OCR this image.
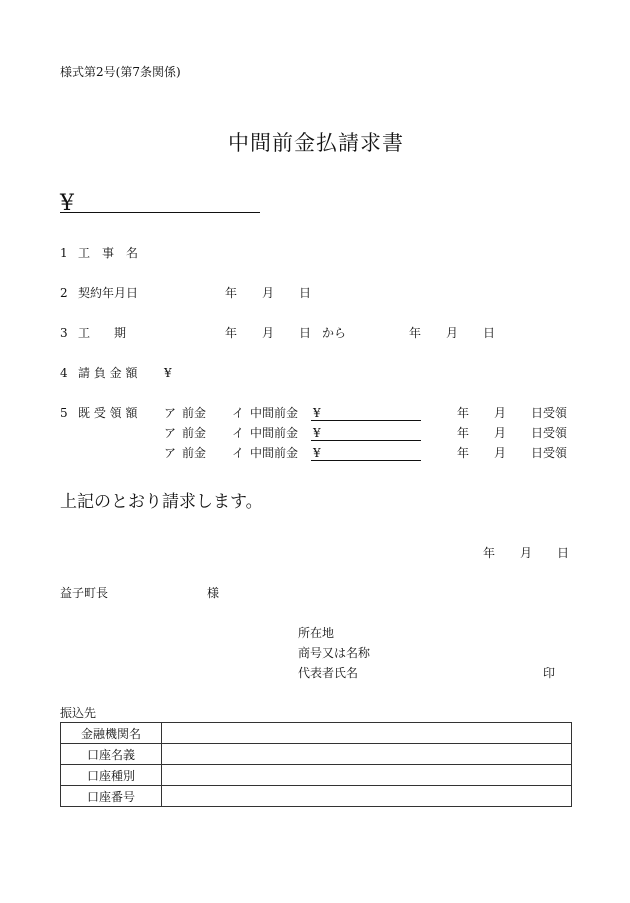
様式第2号(第7条関係)
中間前金払請求書
¥
1 工　事　名
2 契約年月日	年 月 日
3 工　　期	年 月 日 から	年 月 日
4 請 負 金 額 ¥
5 既 受 領 額 ア 前金 イ 中間前金 ¥	年 月 日受領
ア 前金 イ 中間前金 ¥	年 月 日受領
ア 前金 イ 中間前金 ¥	年 月 日受領
上記のとおり請求します。
年 月 日
益子町長	様
所在地
商号又は名称
代表者氏名	印
振込先
金融機関名	
口座名義	
口座種別	
口座番号	
